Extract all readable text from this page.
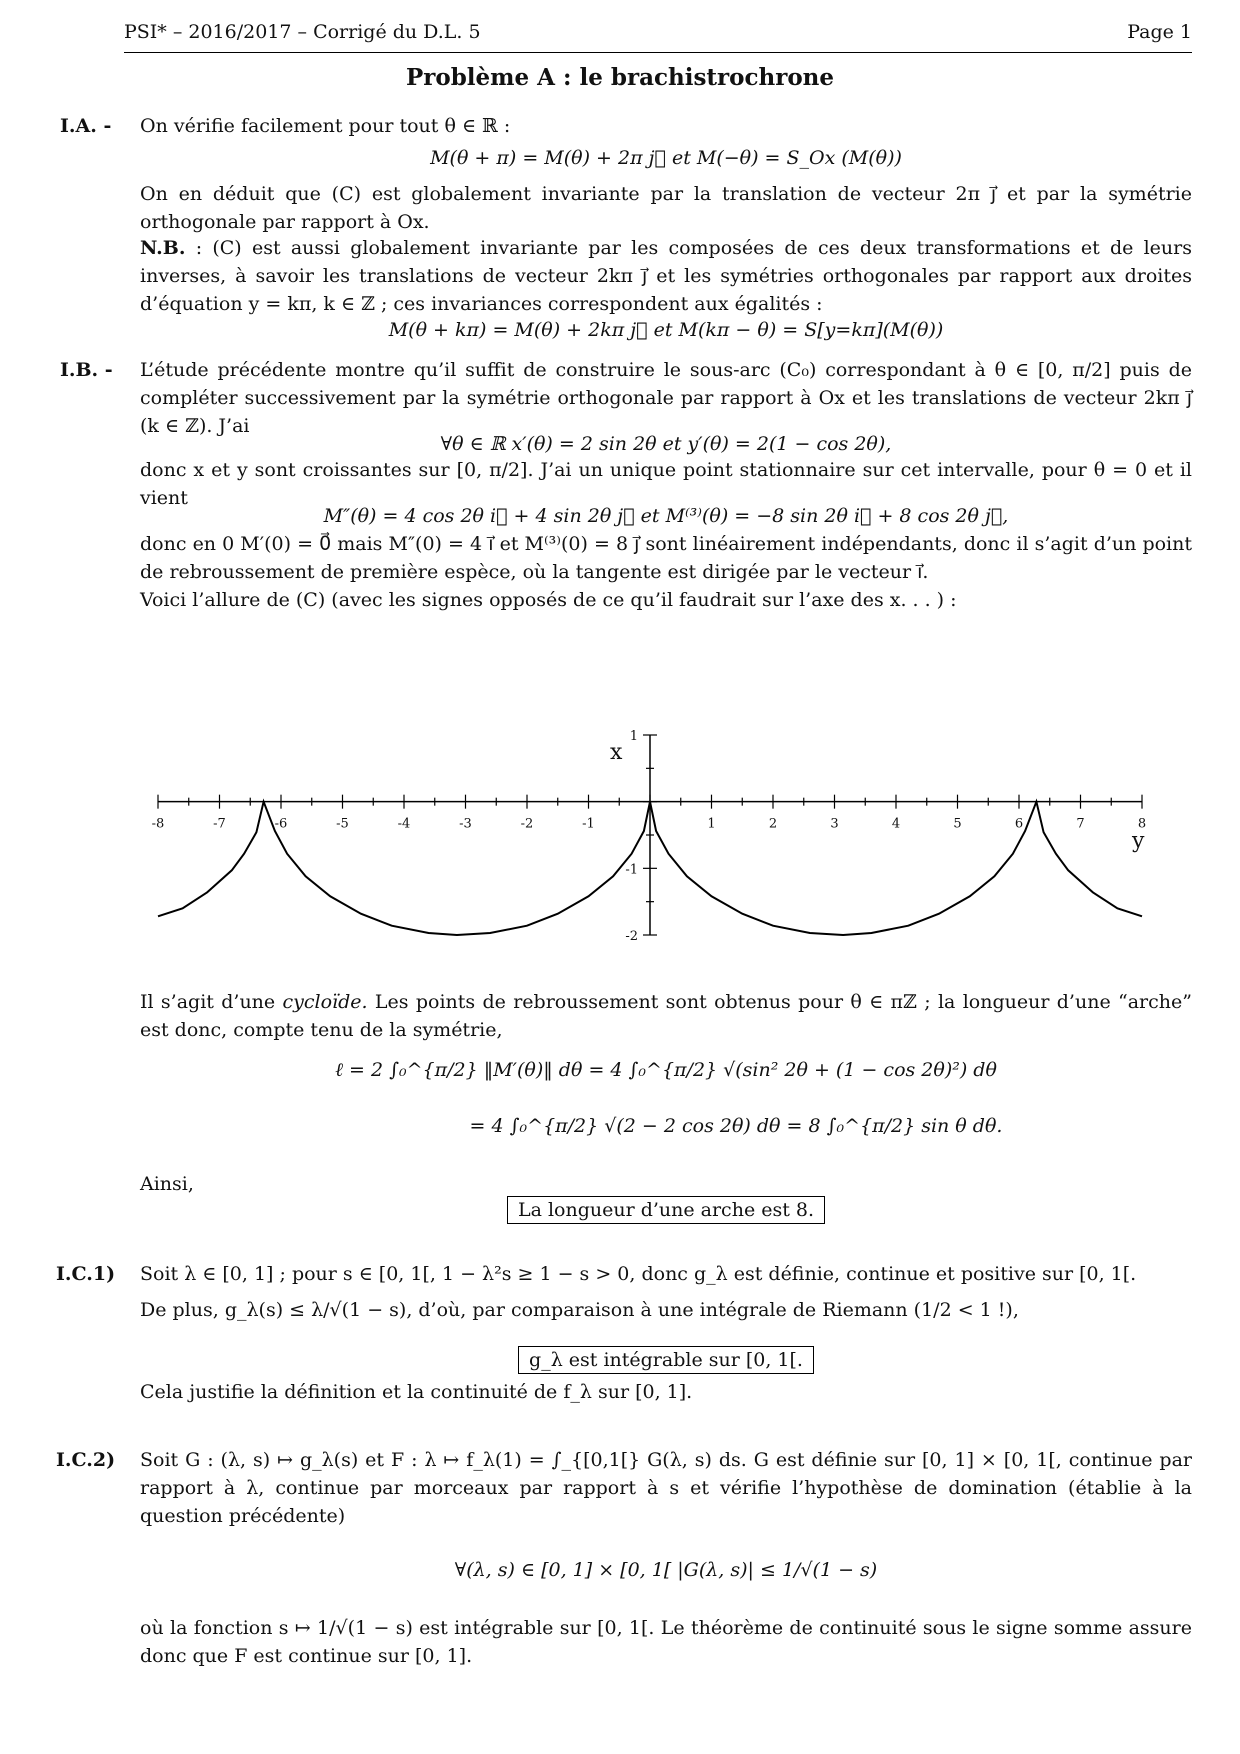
PSI* – 2016/2017 – Corrigé du D.L. 5	Page 1
Problème A : le brachistrochrone
I.A. - On vérifie facilement pour tout θ ∈ ℝ :
M(θ + π) = M(θ) + 2π j⃗ et M(−θ) = S_Ox (M(θ))
On en déduit que (C) est globalement invariante par la translation de vecteur 2π j⃗ et par la symétrie orthogonale par rapport à Ox.
N.B. : (C) est aussi globalement invariante par les composées de ces deux transformations et de leurs inverses, à savoir les translations de vecteur 2kπ j⃗ et les symétries orthogonales par rapport aux droites d’équation y = kπ, k ∈ ℤ ; ces invariances correspondent aux égalités :
M(θ + kπ) = M(θ) + 2kπ j⃗ et M(kπ − θ) = S[y=kπ](M(θ))
I.B. - L’étude précédente montre qu’il suffit de construire le sous-arc (C₀) correspondant à θ ∈ [0, π/2] puis de compléter successivement par la symétrie orthogonale par rapport à Ox et les translations de vecteur 2kπ j⃗ (k ∈ ℤ). J’ai
∀θ ∈ ℝ x′(θ) = 2 sin 2θ et y′(θ) = 2(1 − cos 2θ),
donc x et y sont croissantes sur [0, π/2]. J’ai un unique point stationnaire sur cet intervalle, pour θ = 0 et il vient
M″(θ) = 4 cos 2θ i⃗ + 4 sin 2θ j⃗ et M⁽³⁾(θ) = −8 sin 2θ i⃗ + 8 cos 2θ j⃗,
donc en 0 M′(0) = 0⃗ mais M″(0) = 4 i⃗ et M⁽³⁾(0) = 8 j⃗ sont linéairement indépendants, donc il s’agit d’un point de rebroussement de première espèce, où la tangente est dirigée par le vecteur i⃗.
Voici l’allure de (C) (avec les signes opposés de ce qu’il faudrait sur l’axe des x. . . ) :
-8	-7	-6	-5	-4	-3	-2	-1	1	2	3	4	5	6	7	8
1
-1
-2
x
y
Il s’agit d’une cycloïde. Les points de rebroussement sont obtenus pour θ ∈ πℤ ; la longueur d’une “arche” est donc, compte tenu de la symétrie,
ℓ = 2 ∫₀^{π/2} ‖M′(θ)‖ dθ = 4 ∫₀^{π/2} √(sin² 2θ + (1 − cos 2θ)²) dθ
= 4 ∫₀^{π/2} √(2 − 2 cos 2θ) dθ = 8 ∫₀^{π/2} sin θ dθ.
Ainsi,
La longueur d’une arche est 8.
I.C.1) Soit λ ∈ [0, 1] ; pour s ∈ [0, 1[, 1 − λ²s ≥ 1 − s > 0, donc g_λ est définie, continue et positive sur [0, 1[.
De plus, g_λ(s) ≤ λ/√(1 − s), d’où, par comparaison à une intégrale de Riemann (1/2 < 1 !),
g_λ est intégrable sur [0, 1[.
Cela justifie la définition et la continuité de f_λ sur [0, 1].
I.C.2) Soit G : (λ, s) ↦ g_λ(s) et F : λ ↦ f_λ(1) = ∫_{[0,1[} G(λ, s) ds. G est définie sur [0, 1] × [0, 1[, continue par rapport à λ, continue par morceaux par rapport à s et vérifie l’hypothèse de domination (établie à la question précédente)
∀(λ, s) ∈ [0, 1] × [0, 1[ |G(λ, s)| ≤ 1/√(1 − s)
où la fonction s ↦ 1/√(1 − s) est intégrable sur [0, 1[. Le théorème de continuité sous le signe somme assure donc que F est continue sur [0, 1].
